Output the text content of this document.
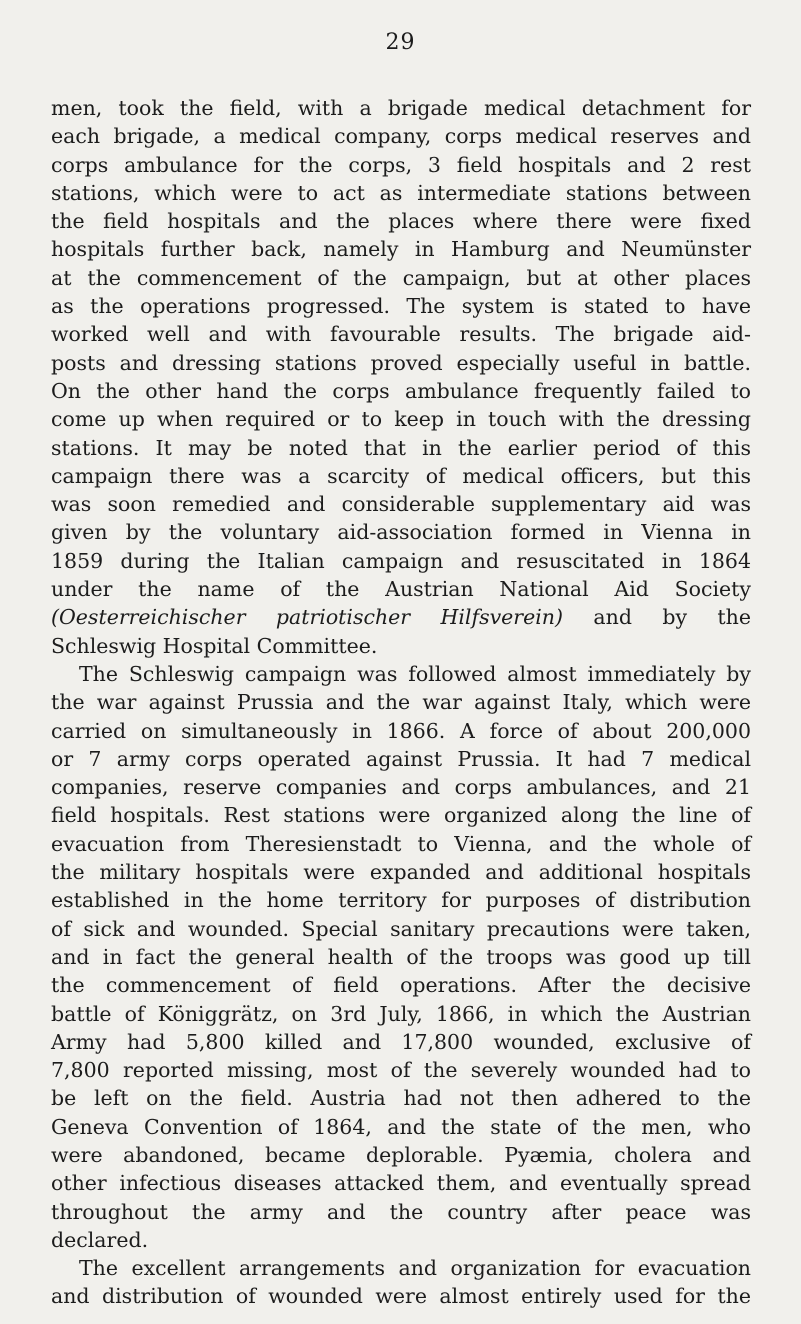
29
men, took the field, with a brigade medical detachment for
each brigade, a medical company, corps medical reserves and
corps ambulance for the corps, 3 field hospitals and 2 rest
stations, which were to act as intermediate stations between
the field hospitals and the places where there were fixed
hospitals further back, namely in Hamburg and Neumünster
at the commencement of the campaign, but at other places
as the operations progressed. The system is stated to have
worked well and with favourable results. The brigade aid-
posts and dressing stations proved especially useful in battle.
On the other hand the corps ambulance frequently failed to
come up when required or to keep in touch with the dressing
stations. It may be noted that in the earlier period of this
campaign there was a scarcity of medical officers, but this
was soon remedied and considerable supplementary aid was
given by the voluntary aid-association formed in Vienna in
1859 during the Italian campaign and resuscitated in 1864
under the name of the Austrian National Aid Society
(Oesterreichischer patriotischer Hilfsverein) and by the
Schleswig Hospital Committee.
The Schleswig campaign was followed almost immediately by
the war against Prussia and the war against Italy, which were
carried on simultaneously in 1866. A force of about 200,000
or 7 army corps operated against Prussia. It had 7 medical
companies, reserve companies and corps ambulances, and 21
field hospitals. Rest stations were organized along the line of
evacuation from Theresienstadt to Vienna, and the whole of
the military hospitals were expanded and additional hospitals
established in the home territory for purposes of distribution
of sick and wounded. Special sanitary precautions were taken,
and in fact the general health of the troops was good up till
the commencement of field operations. After the decisive
battle of Königgrätz, on 3rd July, 1866, in which the Austrian
Army had 5,800 killed and 17,800 wounded, exclusive of
7,800 reported missing, most of the severely wounded had to
be left on the field. Austria had not then adhered to the
Geneva Convention of 1864, and the state of the men, who
were abandoned, became deplorable. Pyæmia, cholera and
other infectious diseases attacked them, and eventually spread
throughout the army and the country after peace was
declared.
The excellent arrangements and organization for evacuation
and distribution of wounded were almost entirely used for the
